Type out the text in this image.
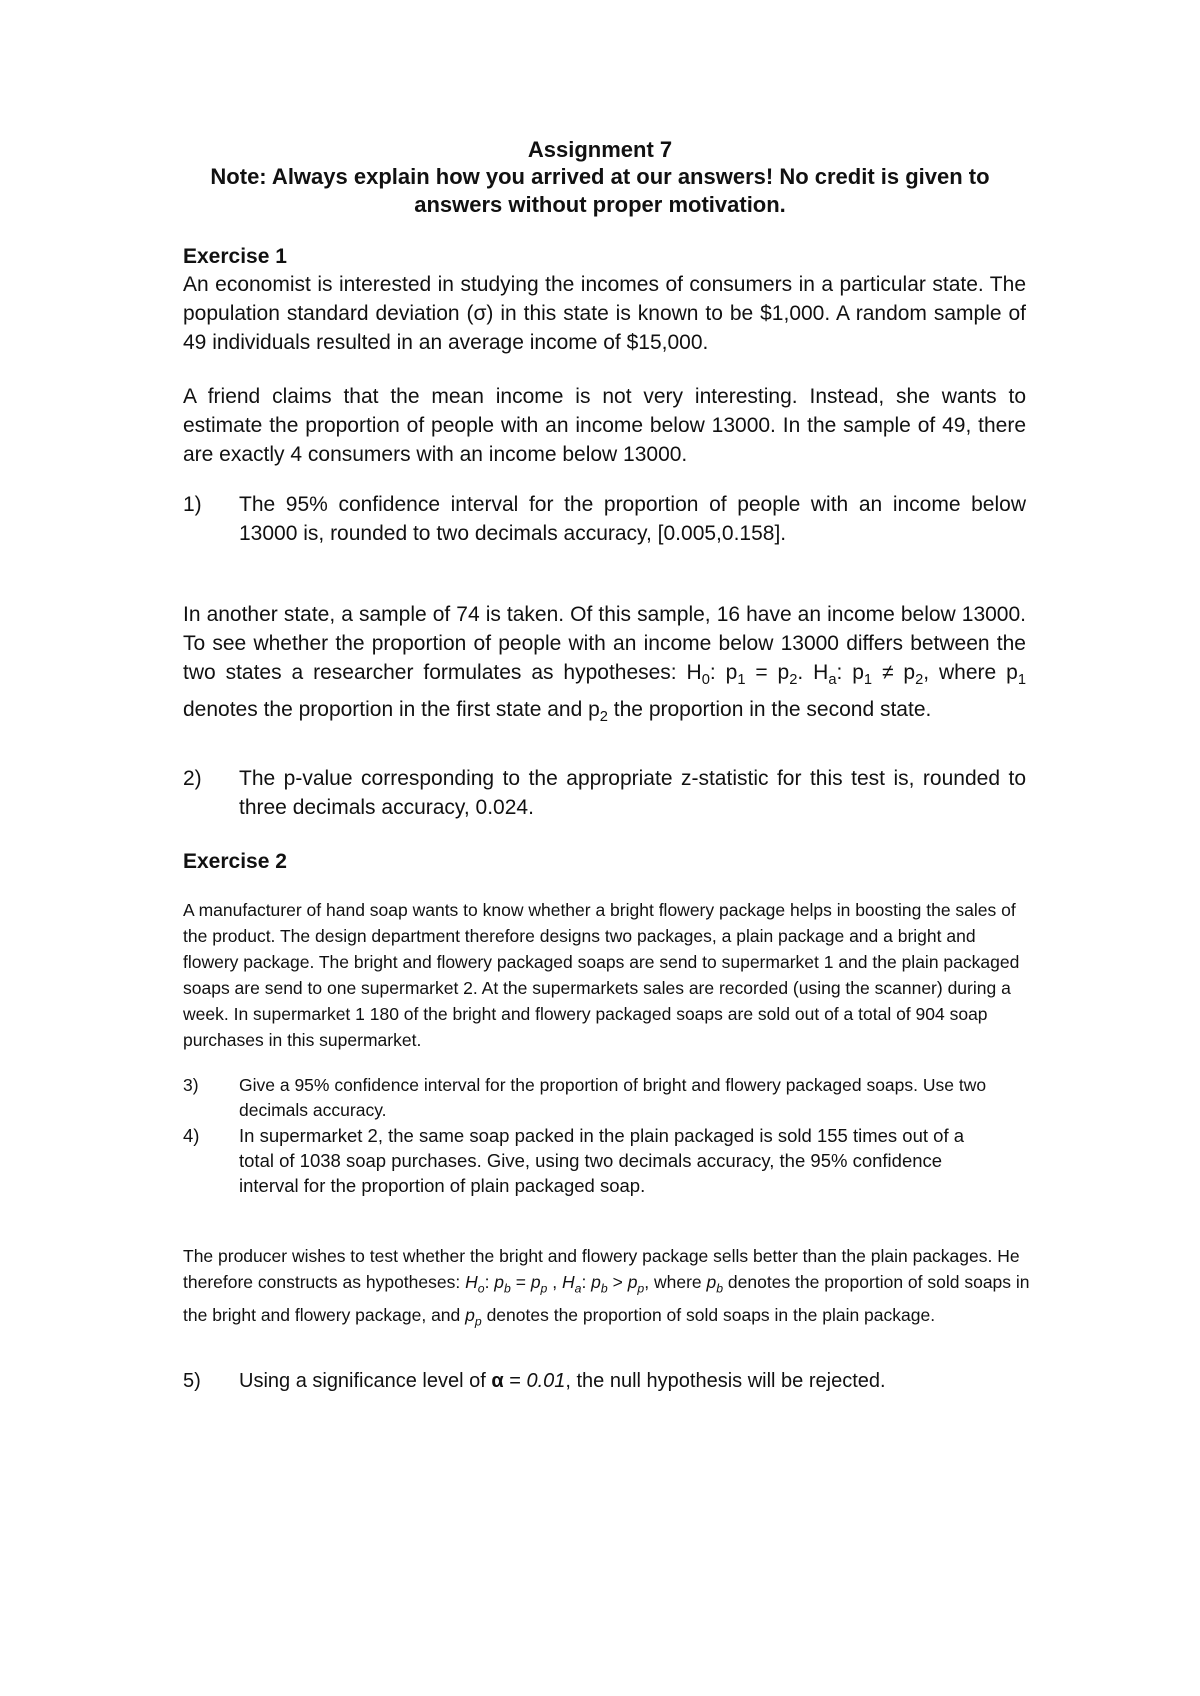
Assignment 7
Note: Always explain how you arrived at our answers! No credit is given to
answers without proper motivation.
Exercise 1
An economist is interested in studying the incomes of consumers in a particular state. The population standard deviation (σ) in this state is known to be $1,000. A random sample of 49 individuals resulted in an average income of $15,000.
A friend claims that the mean income is not very interesting. Instead, she wants to estimate the proportion of people with an income below 13000. In the sample of 49, there are exactly 4 consumers with an income below 13000.
1) The 95% confidence interval for the proportion of people with an income below 13000 is, rounded to two decimals accuracy, [0.005,0.158].
In another state, a sample of 74 is taken. Of this sample, 16 have an income below 13000. To see whether the proportion of people with an income below 13000 differs between the two states a researcher formulates as hypotheses: $H_0$: $p_1 = p_2$. $H_a$: $p_1 \ne p_2$, where $p_1$ denotes the proportion in the first state and $p_2$ the proportion in the second state.
2) The p-value corresponding to the appropriate z-statistic for this test is, rounded to three decimals accuracy, 0.024.
Exercise 2
A manufacturer of hand soap wants to know whether a bright flowery package helps in boosting the sales of the product. The design department therefore designs two packages, a plain package and a bright and flowery package. The bright and flowery packaged soaps are send to supermarket 1 and the plain packaged soaps are send to one supermarket 2. At the supermarkets sales are recorded (using the scanner) during a week. In supermarket 1 180 of the bright and flowery packaged soaps are sold out of a total of 904 soap purchases in this supermarket.
3) Give a 95% confidence interval for the proportion of bright and flowery packaged soaps. Use two decimals accuracy.
4) In supermarket 2, the same soap packed in the plain packaged is sold 155 times out of a total of 1038 soap purchases. Give, using two decimals accuracy, the 95% confidence interval for the proportion of plain packaged soap.
The producer wishes to test whether the bright and flowery package sells better than the plain packages. He therefore constructs as hypotheses: $H_o$: $p_b = p_p$ , $H_a$: $p_b > p_p$, where $p_b$ denotes the proportion of sold soaps in the bright and flowery package, and $p_p$ denotes the proportion of sold soaps in the plain package.
5) Using a significance level of α = 0.01, the null hypothesis will be rejected.
